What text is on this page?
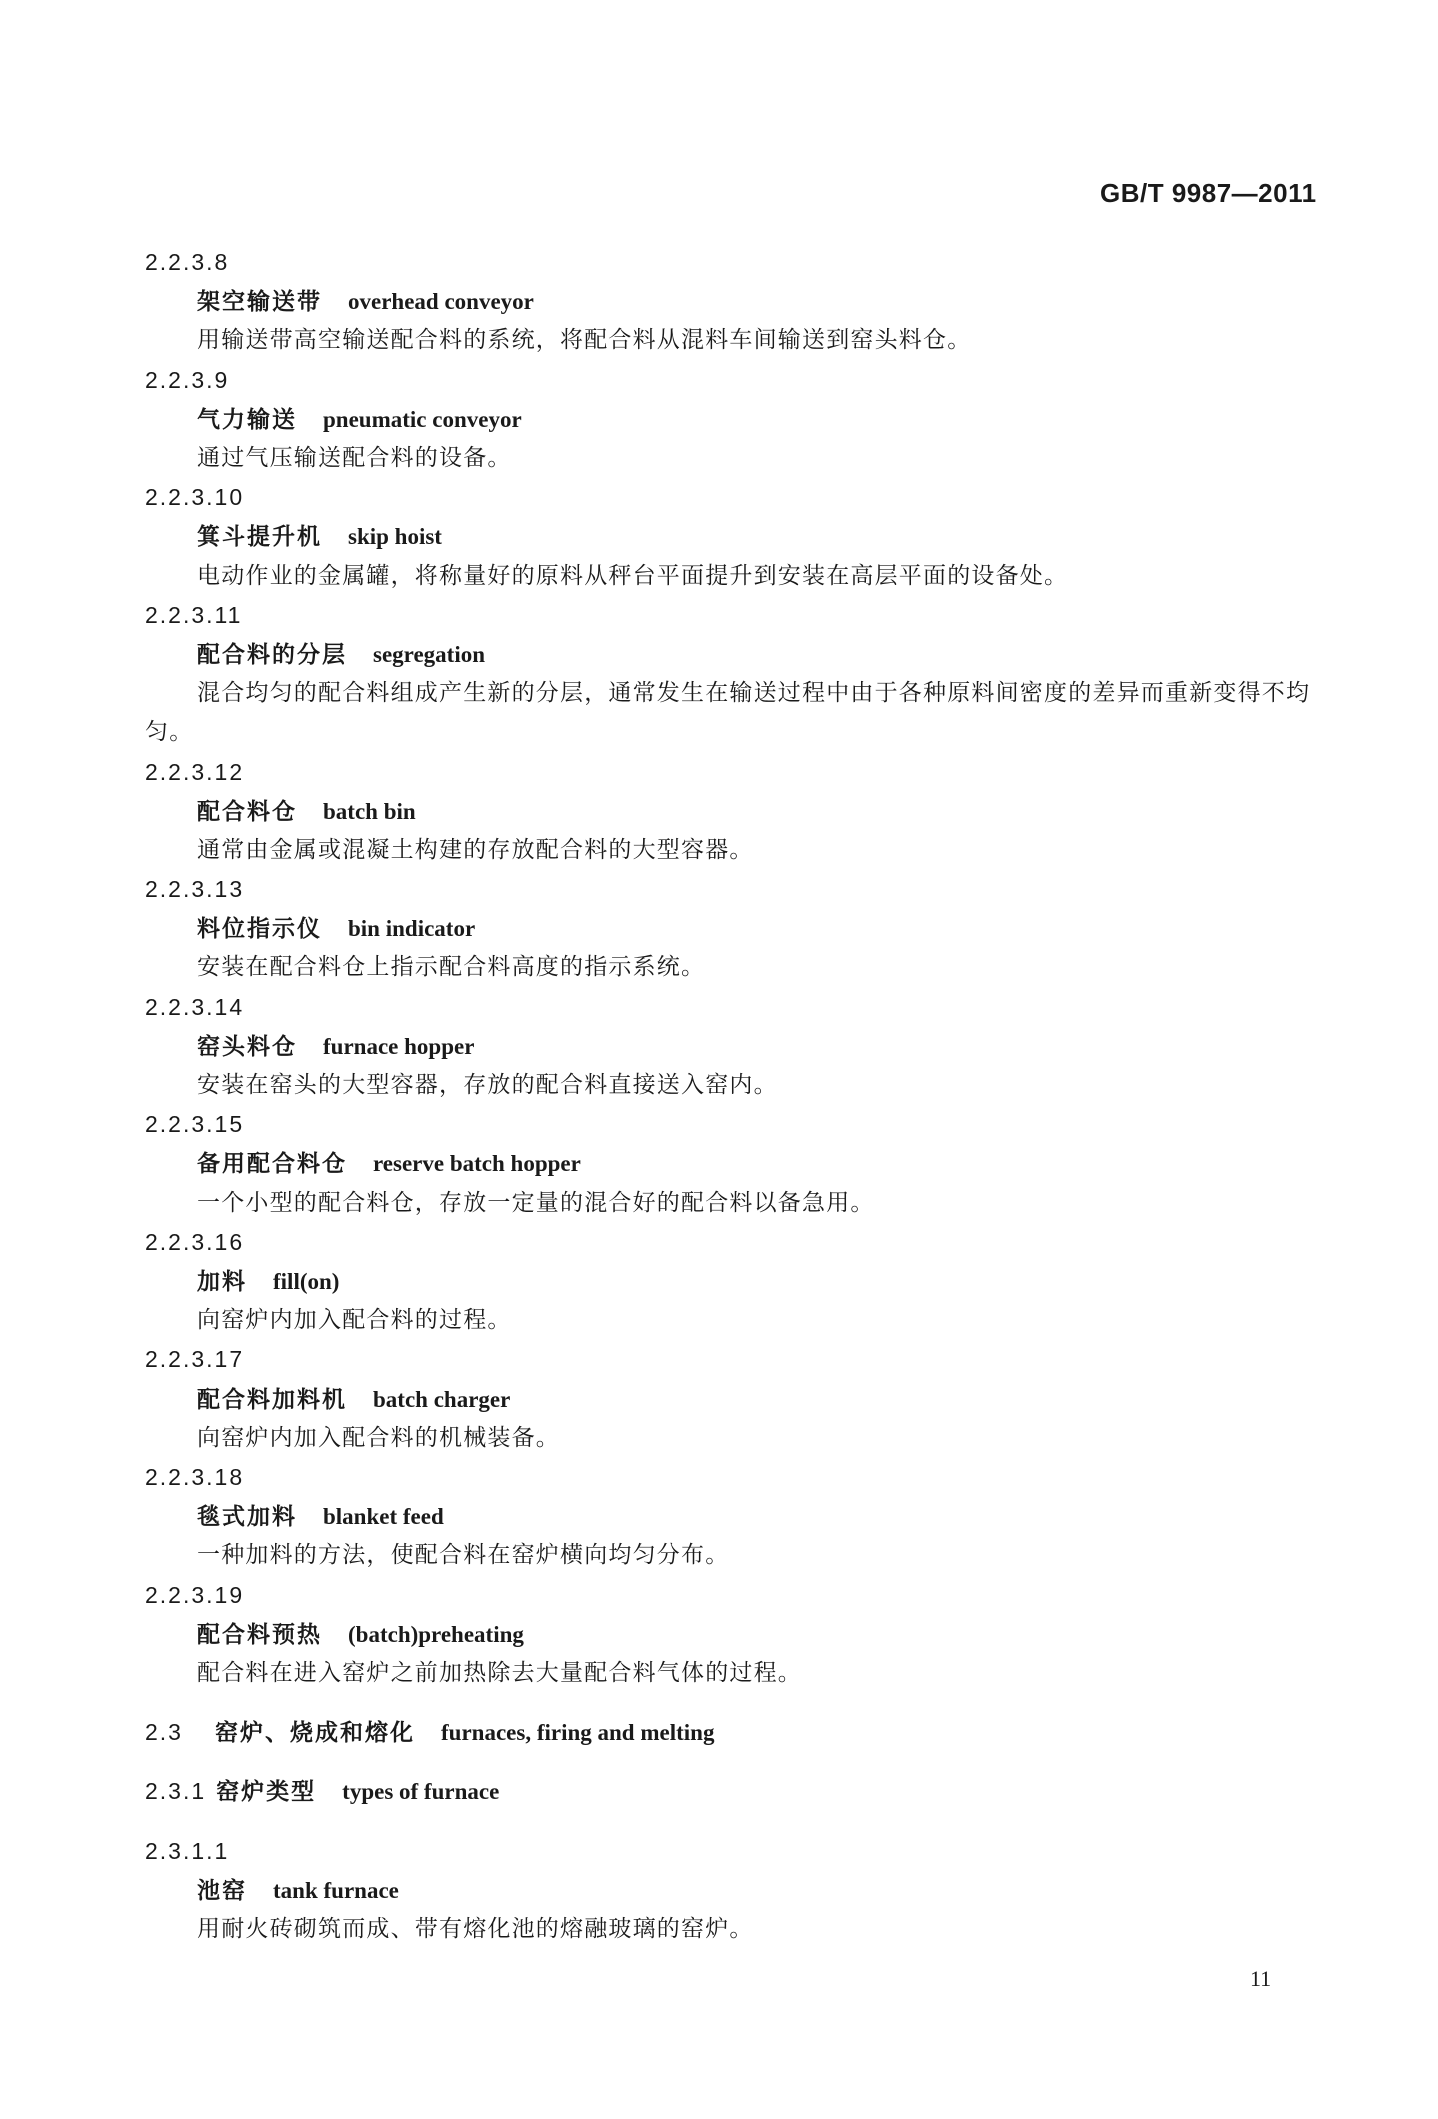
GB/T 9987—2011
2.2.3.8
架空输送带 overhead conveyor
用输送带高空输送配合料的系统，将配合料从混料车间输送到窑头料仓。
2.2.3.9
气力输送 pneumatic conveyor
通过气压输送配合料的设备。
2.2.3.10
箕斗提升机 skip hoist
电动作业的金属罐，将称量好的原料从秤台平面提升到安装在高层平面的设备处。
2.2.3.11
配合料的分层 segregation
混合均匀的配合料组成产生新的分层，通常发生在输送过程中由于各种原料间密度的差异而重新变得不均匀。
2.2.3.12
配合料仓 batch bin
通常由金属或混凝土构建的存放配合料的大型容器。
2.2.3.13
料位指示仪 bin indicator
安装在配合料仓上指示配合料高度的指示系统。
2.2.3.14
窑头料仓 furnace hopper
安装在窑头的大型容器，存放的配合料直接送入窑内。
2.2.3.15
备用配合料仓 reserve batch hopper
一个小型的配合料仓，存放一定量的混合好的配合料以备急用。
2.2.3.16
加料 fill(on)
向窑炉内加入配合料的过程。
2.2.3.17
配合料加料机 batch charger
向窑炉内加入配合料的机械装备。
2.2.3.18
毯式加料 blanket feed
一种加料的方法，使配合料在窑炉横向均匀分布。
2.2.3.19
配合料预热 (batch)preheating
配合料在进入窑炉之前加热除去大量配合料气体的过程。
2.3 窑炉、烧成和熔化 furnaces, firing and melting
2.3.1 窑炉类型 types of furnace
2.3.1.1
池窑 tank furnace
用耐火砖砌筑而成、带有熔化池的熔融玻璃的窑炉。
11
